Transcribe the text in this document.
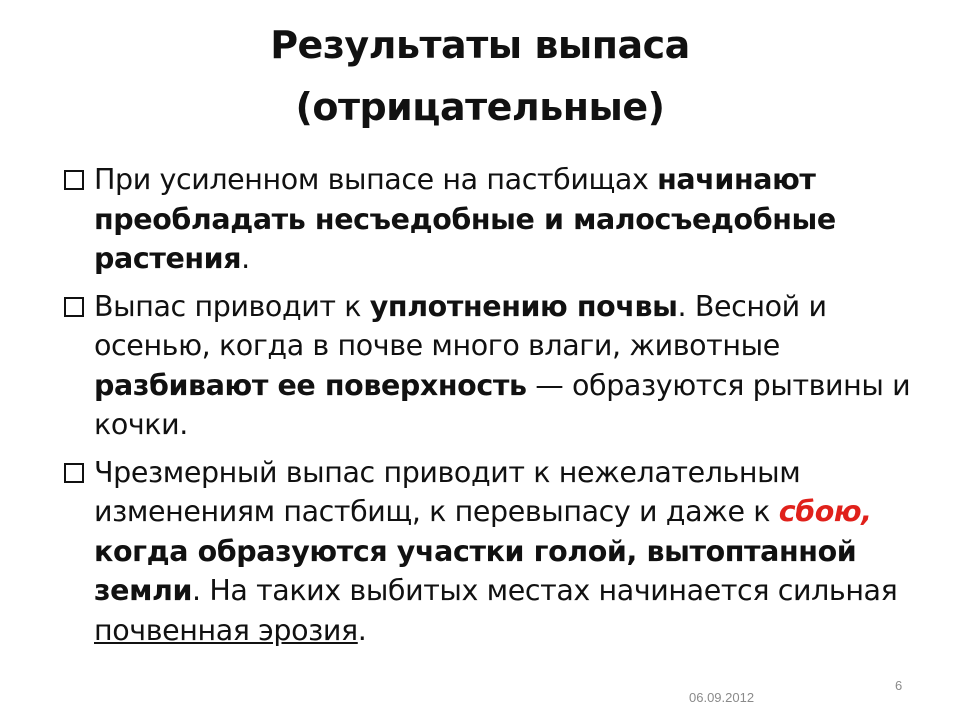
Результаты выпаса
(отрицательные)
При усиленном выпасе на пастбищах начинают преобладать несъедобные и малосъедобные растения.
Выпас приводит к уплотнению почвы. Весной и осенью, когда в почве много влаги, животные разбивают ее поверхность — образуются рытвины и кочки.
Чрезмерный выпас приводит к нежелательным изменениям пастбищ, к перевыпасу и даже к сбою, когда образуются участки голой, вытоптанной земли. На таких выбитых местах начинается сильная почвенная эрозия.
06.09.2012
6
